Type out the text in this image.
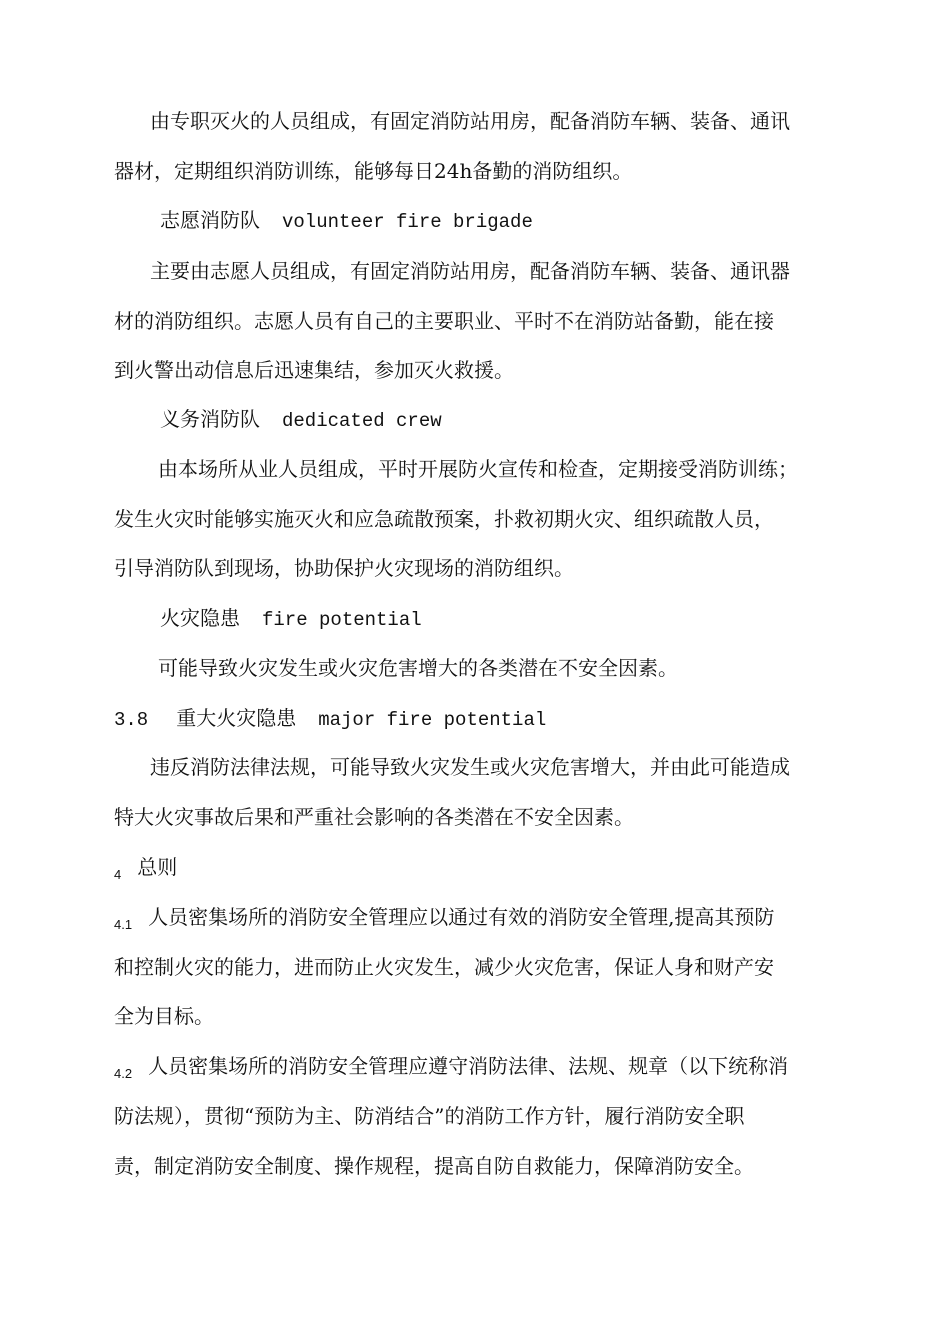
由专职灭火的人员组成，有固定消防站用房，配备消防车辆、装备、通讯
器材，定期组织消防训练，能够每日24h备勤的消防组织。
志愿消防队 volunteer fire brigade
主要由志愿人员组成，有固定消防站用房，配备消防车辆、装备、通讯器
材的消防组织。志愿人员有自己的主要职业、平时不在消防站备勤，能在接
到火警出动信息后迅速集结，参加灭火救援。
义务消防队 dedicated crew
由本场所从业人员组成，平时开展防火宣传和检查，定期接受消防训练；
发生火灾时能够实施灭火和应急疏散预案，扑救初期火灾、组织疏散人员，
引导消防队到现场，协助保护火灾现场的消防组织。
火灾隐患 fire potential
可能导致火灾发生或火灾危害增大的各类潜在不安全因素。
3.8 重大火灾隐患 major fire potential
违反消防法律法规，可能导致火灾发生或火灾危害增大，并由此可能造成
特大火灾事故后果和严重社会影响的各类潜在不安全因素。
$_4$ 总则
$_{4.1}$ 人员密集场所的消防安全管理应以通过有效的消防安全管理,提高其预防
和控制火灾的能力，进而防止火灾发生，减少火灾危害，保证人身和财产安
全为目标。
$_{4.2}$ 人员密集场所的消防安全管理应遵守消防法律、法规、规章（以下统称消
防法规），贯彻“预防为主、防消结合”的消防工作方针，履行消防安全职
责，制定消防安全制度、操作规程，提高自防自救能力，保障消防安全。
